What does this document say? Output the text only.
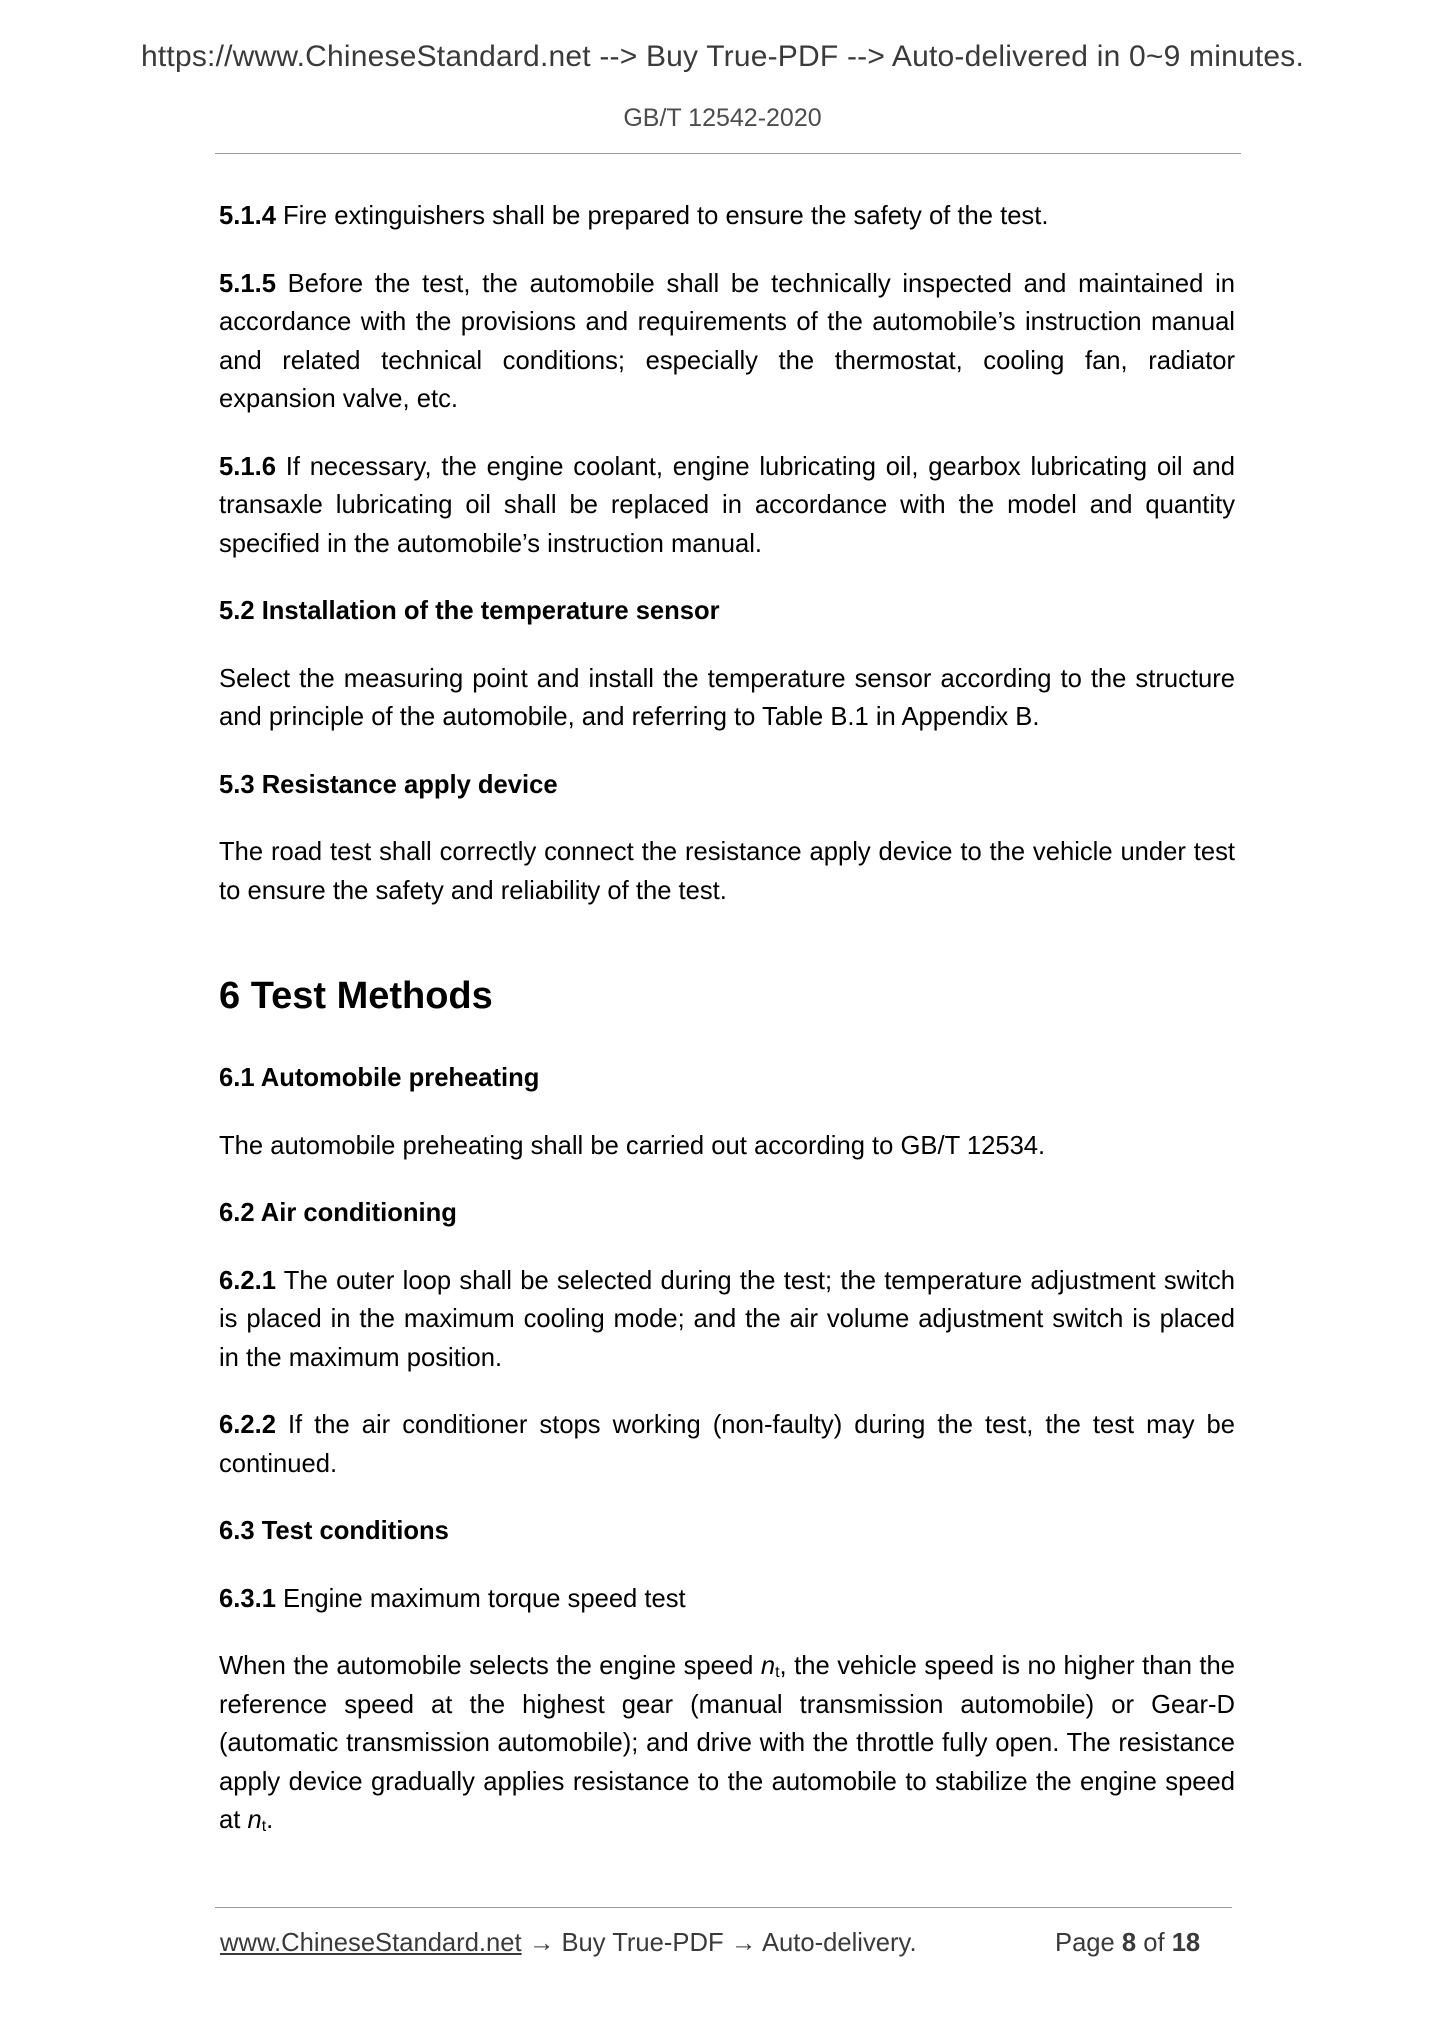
https://www.ChineseStandard.net --> Buy True-PDF --> Auto-delivered in 0~9 minutes.
GB/T 12542-2020

5.1.4 Fire extinguishers shall be prepared to ensure the safety of the test.

5.1.5 Before the test, the automobile shall be technically inspected and maintained in accordance with the provisions and requirements of the automobile’s instruction manual and related technical conditions; especially the thermostat, cooling fan, radiator expansion valve, etc.

5.1.6 If necessary, the engine coolant, engine lubricating oil, gearbox lubricating oil and transaxle lubricating oil shall be replaced in accordance with the model and quantity specified in the automobile’s instruction manual.

5.2 Installation of the temperature sensor

Select the measuring point and install the temperature sensor according to the structure and principle of the automobile, and referring to Table B.1 in Appendix B.

5.3 Resistance apply device

The road test shall correctly connect the resistance apply device to the vehicle under test to ensure the safety and reliability of the test.

6 Test Methods

6.1 Automobile preheating

The automobile preheating shall be carried out according to GB/T 12534.

6.2 Air conditioning

6.2.1 The outer loop shall be selected during the test; the temperature adjustment switch is placed in the maximum cooling mode; and the air volume adjustment switch is placed in the maximum position.

6.2.2 If the air conditioner stops working (non-faulty) during the test, the test may be continued.

6.3 Test conditions

6.3.1 Engine maximum torque speed test

When the automobile selects the engine speed $n_t$, the vehicle speed is no higher than the reference speed at the highest gear (manual transmission automobile) or Gear-D (automatic transmission automobile); and drive with the throttle fully open. The resistance apply device gradually applies resistance to the automobile to stabilize the engine speed at $n_t$.

www.ChineseStandard.net → Buy True-PDF → Auto-delivery.	Page 8 of 18
